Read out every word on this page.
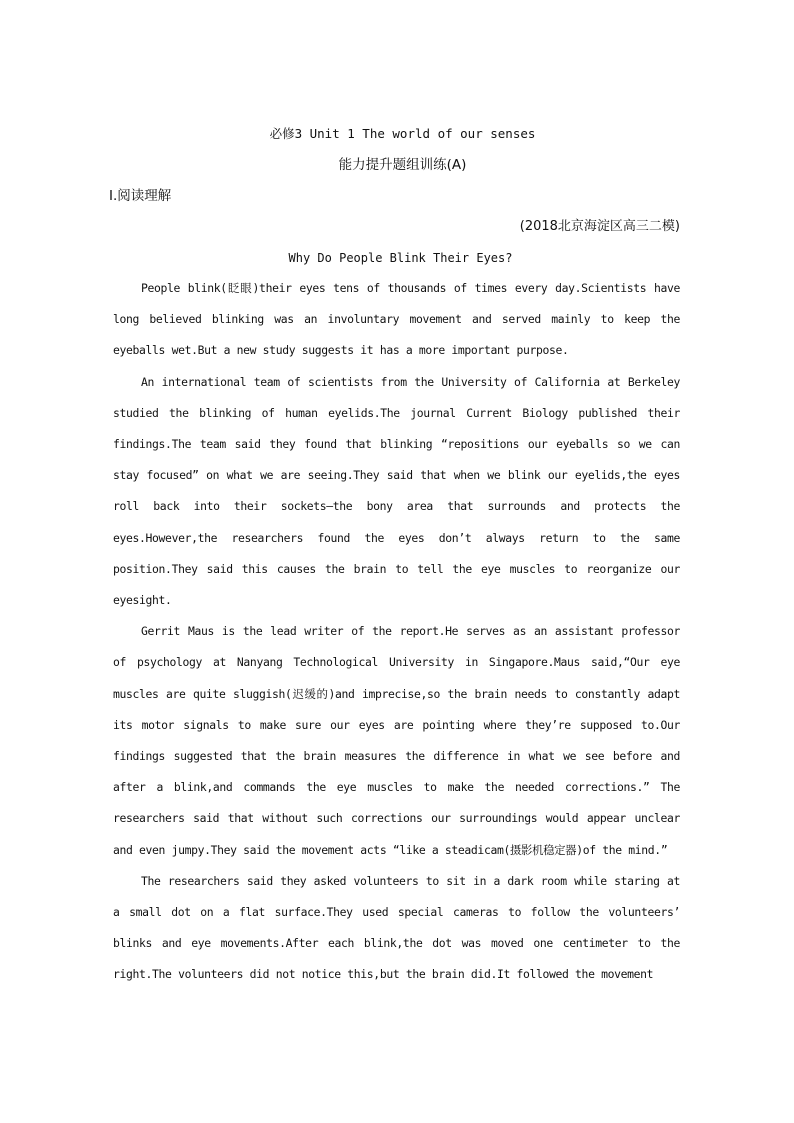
必修3 Unit 1 The world of our senses
能力提升题组训练(A)
Ⅰ.阅读理解
(2018北京海淀区高三二模)
Why Do People Blink Their Eyes?

People blink(眨眼)their eyes tens of thousands of times every day.Scientists have long believed blinking was an involuntary movement and served mainly to keep the eyeballs wet.But a new study suggests it has a more important purpose.

An international team of scientists from the University of California at Berkeley studied the blinking of human eyelids.The journal Current Biology published their findings.The team said they found that blinking “repositions our eyeballs so we can stay focused” on what we are seeing.They said that when we blink our eyelids,the eyes roll back into their sockets—the bony area that surrounds and protects the eyes.However,the researchers found the eyes don’t always return to the same position.They said this causes the brain to tell the eye muscles to reorganize our eyesight.

Gerrit Maus is the lead writer of the report.He serves as an assistant professor of psychology at Nanyang Technological University in Singapore.Maus said,“Our eye muscles are quite sluggish(迟缓的)and imprecise,so the brain needs to constantly adapt its motor signals to make sure our eyes are pointing where they’re supposed to.Our findings suggested that the brain measures the difference in what we see before and after a blink,and commands the eye muscles to make the needed corrections.” The researchers said that without such corrections our surroundings would appear unclear and even jumpy.They said the movement acts “like a steadicam(摄影机稳定器)of the mind.”

The researchers said they asked volunteers to sit in a dark room while staring at a small dot on a flat surface.They used special cameras to follow the volunteers’ blinks and eye movements.After each blink,the dot was moved one centimeter to the right.The volunteers did not notice this,but the brain did.It followed the movement
